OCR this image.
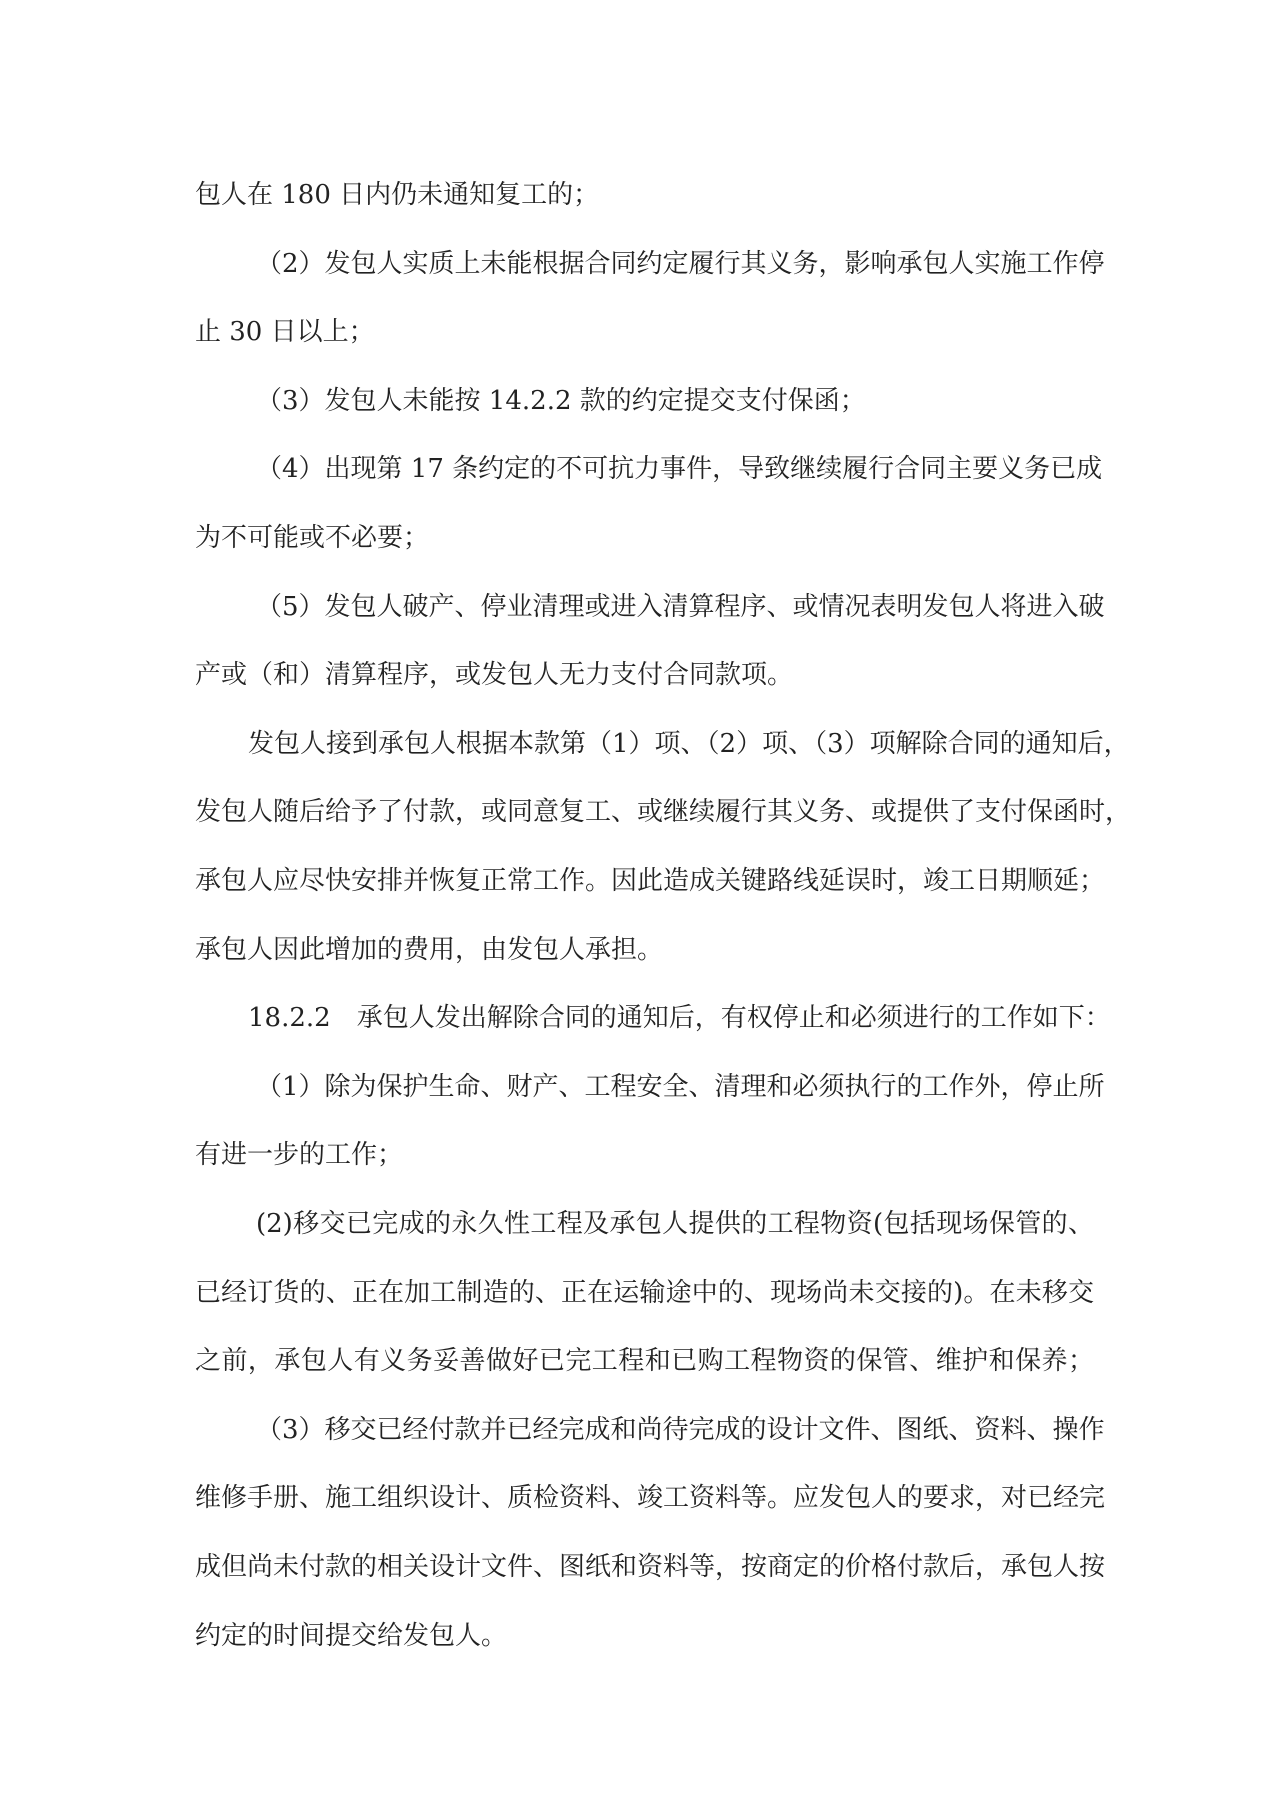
包人在 180 日内仍未通知复工的；
（2）发包人实质上未能根据合同约定履行其义务，影响承包人实施工作停
止 30 日以上；
（3）发包人未能按 14.2.2 款的约定提交支付保函；
（4）出现第 17 条约定的不可抗力事件，导致继续履行合同主要义务已成
为不可能或不必要；
（5）发包人破产、停业清理或进入清算程序、或情况表明发包人将进入破
产或（和）清算程序，或发包人无力支付合同款项。
发包人接到承包人根据本款第（1）项、（2）项、（3）项解除合同的通知后，
发包人随后给予了付款，或同意复工、或继续履行其义务、或提供了支付保函时，
承包人应尽快安排并恢复正常工作。因此造成关键路线延误时，竣工日期顺延；
承包人因此增加的费用，由发包人承担。
18.2.2　承包人发出解除合同的通知后，有权停止和必须进行的工作如下：
（1）除为保护生命、财产、工程安全、清理和必须执行的工作外，停止所
有进一步的工作；
(2)移交已完成的永久性工程及承包人提供的工程物资(包括现场保管的、
已经订货的、正在加工制造的、正在运输途中的、现场尚未交接的)。在未移交
之前，承包人有义务妥善做好已完工程和已购工程物资的保管、维护和保养；
（3）移交已经付款并已经完成和尚待完成的设计文件、图纸、资料、操作
维修手册、施工组织设计、质检资料、竣工资料等。应发包人的要求，对已经完
成但尚未付款的相关设计文件、图纸和资料等，按商定的价格付款后，承包人按
约定的时间提交给发包人。
